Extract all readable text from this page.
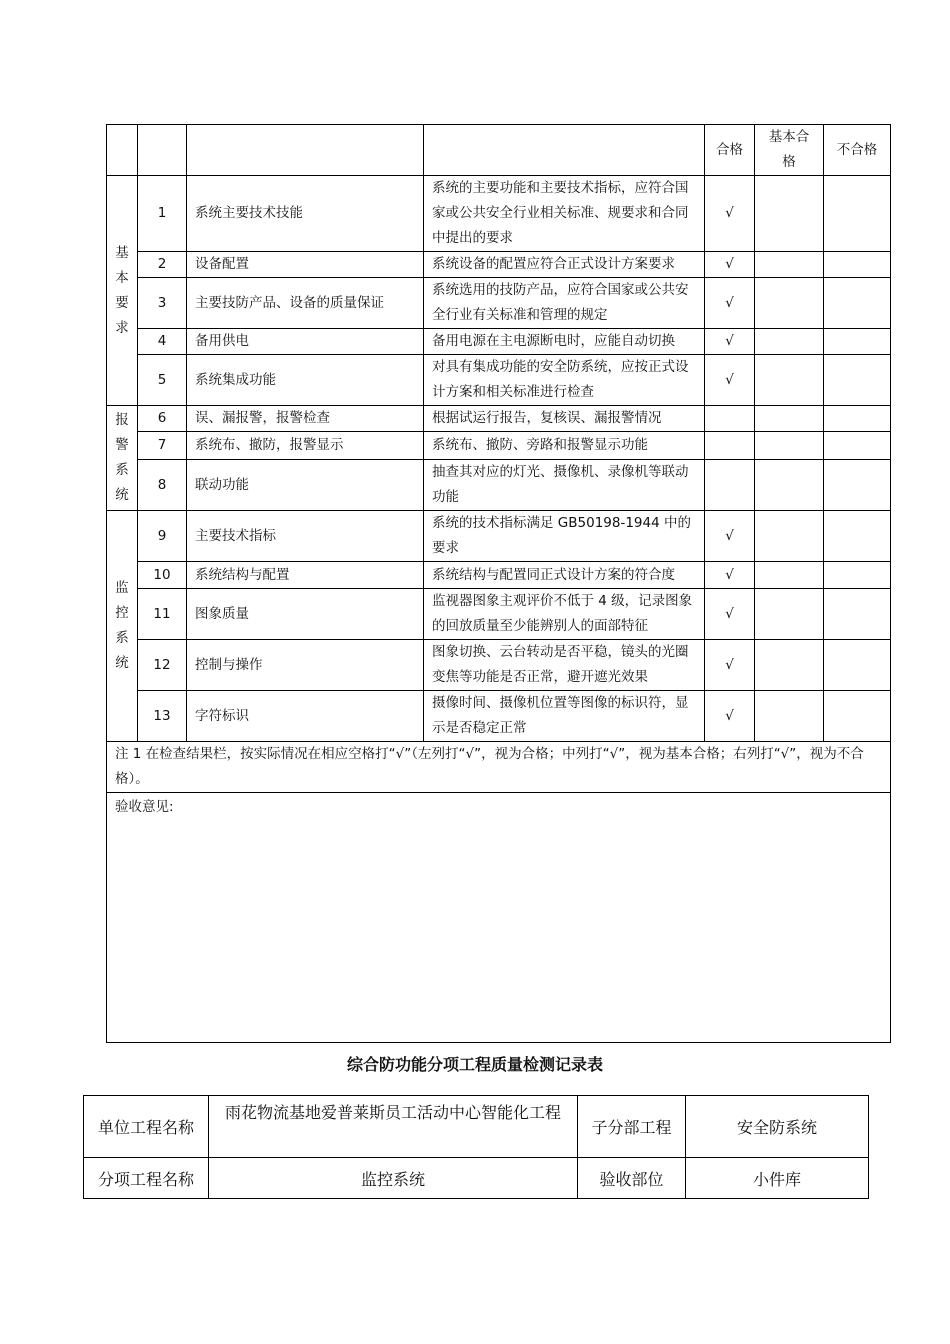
				合格	基本合格	不合格

基
本
要
求	1	系统主要技术技能	系统的主要功能和主要技术指标，应符合国家或公共安全行业相关标准、规要求和合同中提出的要求	√		
	2	设备配置	系统设备的配置应符合正式设计方案要求	√		
	3	主要技防产品、设备的质量保证	系统选用的技防产品，应符合国家或公共安全行业有关标准和管理的规定	√		
	4	备用供电	备用电源在主电源断电时，应能自动切换	√		
	5	系统集成功能	对具有集成功能的安全防系统，应按正式设计方案和相关标准进行检查	√		

报
警
系
统	6	误、漏报警，报警检查	根据试运行报告，复核误、漏报警情况			
	7	系统布、撤防，报警显示	系统布、撤防、旁路和报警显示功能			
	8	联动功能	抽查其对应的灯光、摄像机、录像机等联动功能			

监
控
系
统	9	主要技术指标	系统的技术指标满足 GB50198-1944 中的要求	√		
	10	系统结构与配置	系统结构与配置同正式设计方案的符合度	√		
	11	图象质量	监视器图象主观评价不低于 4 级，记录图象的回放质量至少能辨别人的面部特征	√		
	12	控制与操作	图象切换、云台转动是否平稳，镜头的光圈变焦等功能是否正常，避开遮光效果	√		
	13	字符标识	摄像时间、摄像机位置等图像的标识符，显示是否稳定正常	√		
注 1 在检查结果栏，按实际情况在相应空格打“√”（左列打“√”，视为合格；中列打“√”，视为基本合格；右列打“√”，视为不合格）。						
验收意见:						
综合防功能分项工程质量检测记录表
单位工程名称	雨花物流基地爱普莱斯员工活动中心智能化工程	子分部工程	安全防系统
分项工程名称	监控系统	验收部位	小件库
